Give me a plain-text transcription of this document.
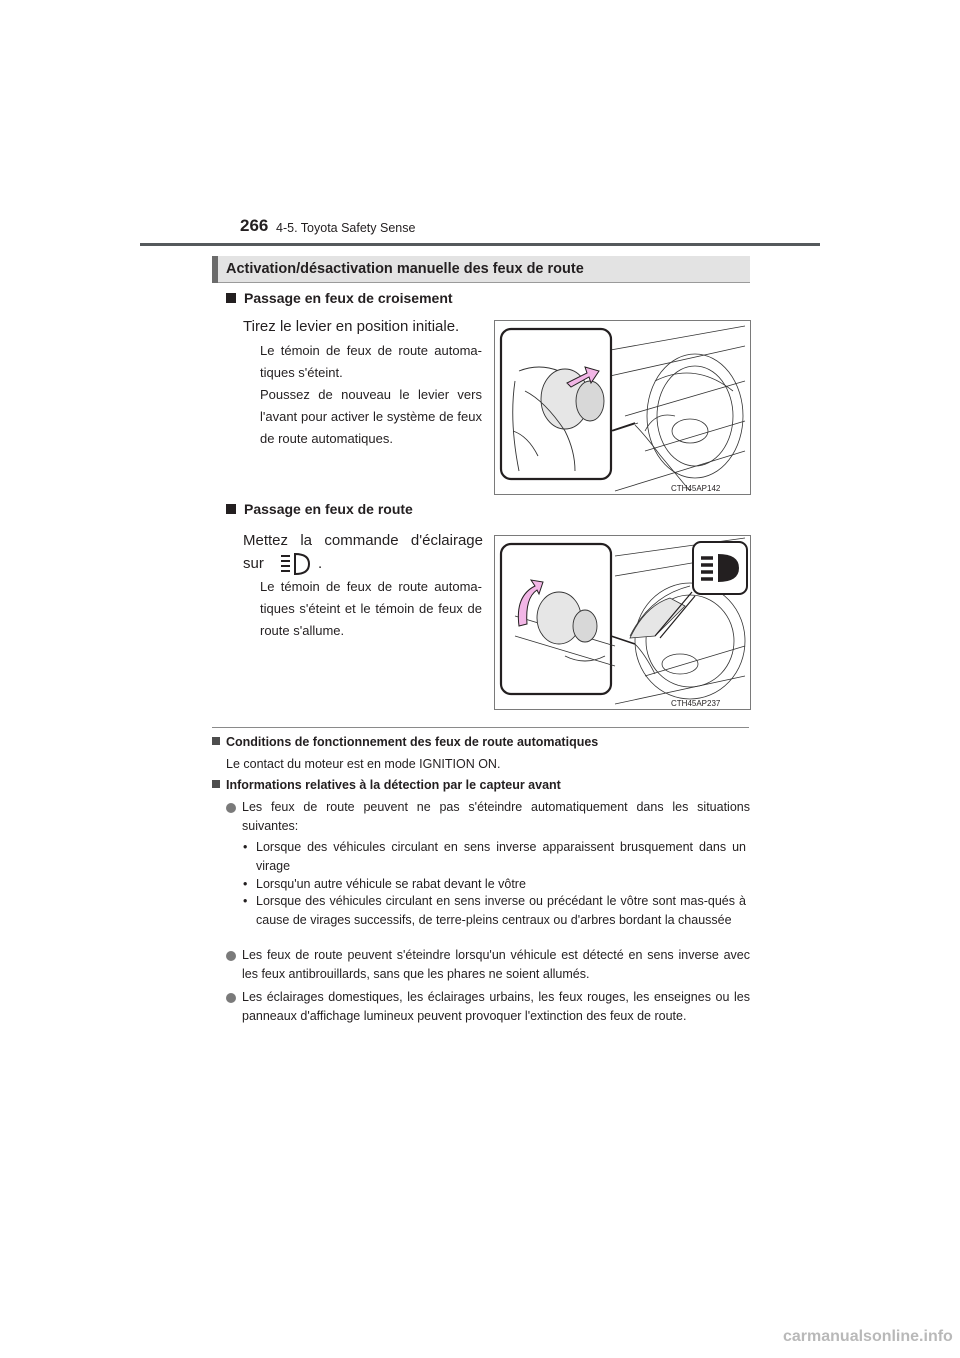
266 4-5. Toyota Safety Sense
Activation/désactivation manuelle des feux de route
Passage en feux de croisement
Tirez le levier en position initiale.
Le témoin de feux de route automa-tiques s'éteint.
Poussez de nouveau le levier vers l'avant pour activer le système de feux de route automatiques.
CTH45AP142
Passage en feux de route
Mettez la commande d'éclairage
sur	.
Le témoin de feux de route automa-tiques s'éteint et le témoin de feux de route s'allume.
CTH45AP237
Conditions de fonctionnement des feux de route automatiques
Le contact du moteur est en mode IGNITION ON.
Informations relatives à la détection par le capteur avant
Les feux de route peuvent ne pas s'éteindre automatiquement dans les situations suivantes:
• Lorsque des véhicules circulant en sens inverse apparaissent brusquement dans un virage
• Lorsqu'un autre véhicule se rabat devant le vôtre
• Lorsque des véhicules circulant en sens inverse ou précédant le vôtre sont mas-qués à cause de virages successifs, de terre-pleins centraux ou d'arbres bordant la chaussée
Les feux de route peuvent s'éteindre lorsqu'un véhicule est détecté en sens inverse avec les feux antibrouillards, sans que les phares ne soient allumés.
Les éclairages domestiques, les éclairages urbains, les feux rouges, les enseignes ou les panneaux d'affichage lumineux peuvent provoquer l'extinction des feux de route.
carmanualsonline.info
